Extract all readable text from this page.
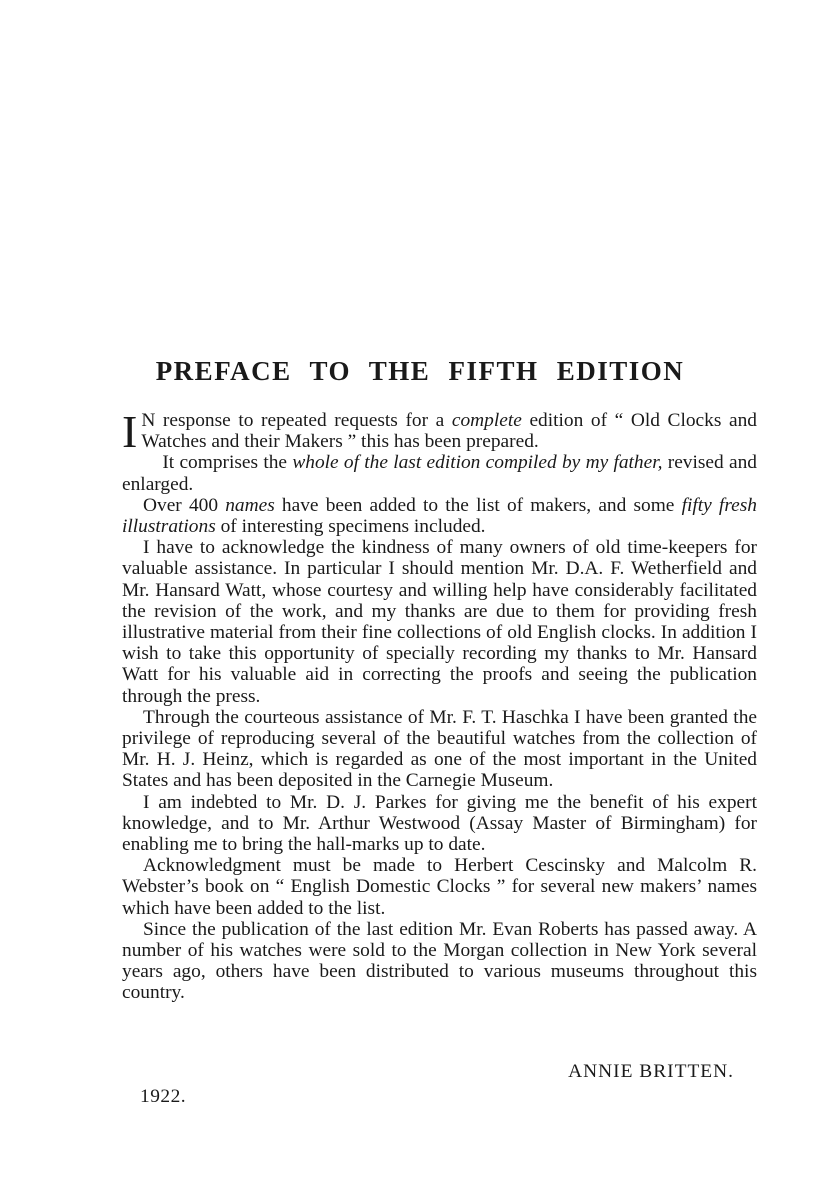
PREFACE TO THE FIFTH EDITION

I N response to repeated requests for a complete edition of “ Old Clocks and Watches and their Makers ” this has been prepared.

It comprises the whole of the last edition compiled by my father, revised and enlarged.

Over 400 names have been added to the list of makers, and some fifty fresh illustrations of interesting specimens included.

I have to acknowledge the kindness of many owners of old time-keepers for valuable assistance. In particular I should mention Mr. D.A. F. Wetherfield and Mr. Hansard Watt, whose courtesy and willing help have considerably facilitated the revision of the work, and my thanks are due to them for providing fresh illustrative material from their fine collections of old English clocks. In addition I wish to take this opportunity of specially recording my thanks to Mr. Hansard Watt for his valuable aid in correcting the proofs and seeing the publication through the press.

Through the courteous assistance of Mr. F. T. Haschka I have been granted the privilege of reproducing several of the beautiful watches from the collection of Mr. H. J. Heinz, which is regarded as one of the most important in the United States and has been deposited in the Carnegie Museum.

I am indebted to Mr. D. J. Parkes for giving me the benefit of his expert knowledge, and to Mr. Arthur Westwood (Assay Master of Birmingham) for enabling me to bring the hall-marks up to date.

Acknowledgment must be made to Herbert Cescinsky and Malcolm R. Webster’s book on “ English Domestic Clocks ” for several new makers’ names which have been added to the list.

Since the publication of the last edition Mr. Evan Roberts has passed away. A number of his watches were sold to the Morgan collection in New York several years ago, others have been distributed to various museums throughout this country.

ANNIE BRITTEN.
1922.
